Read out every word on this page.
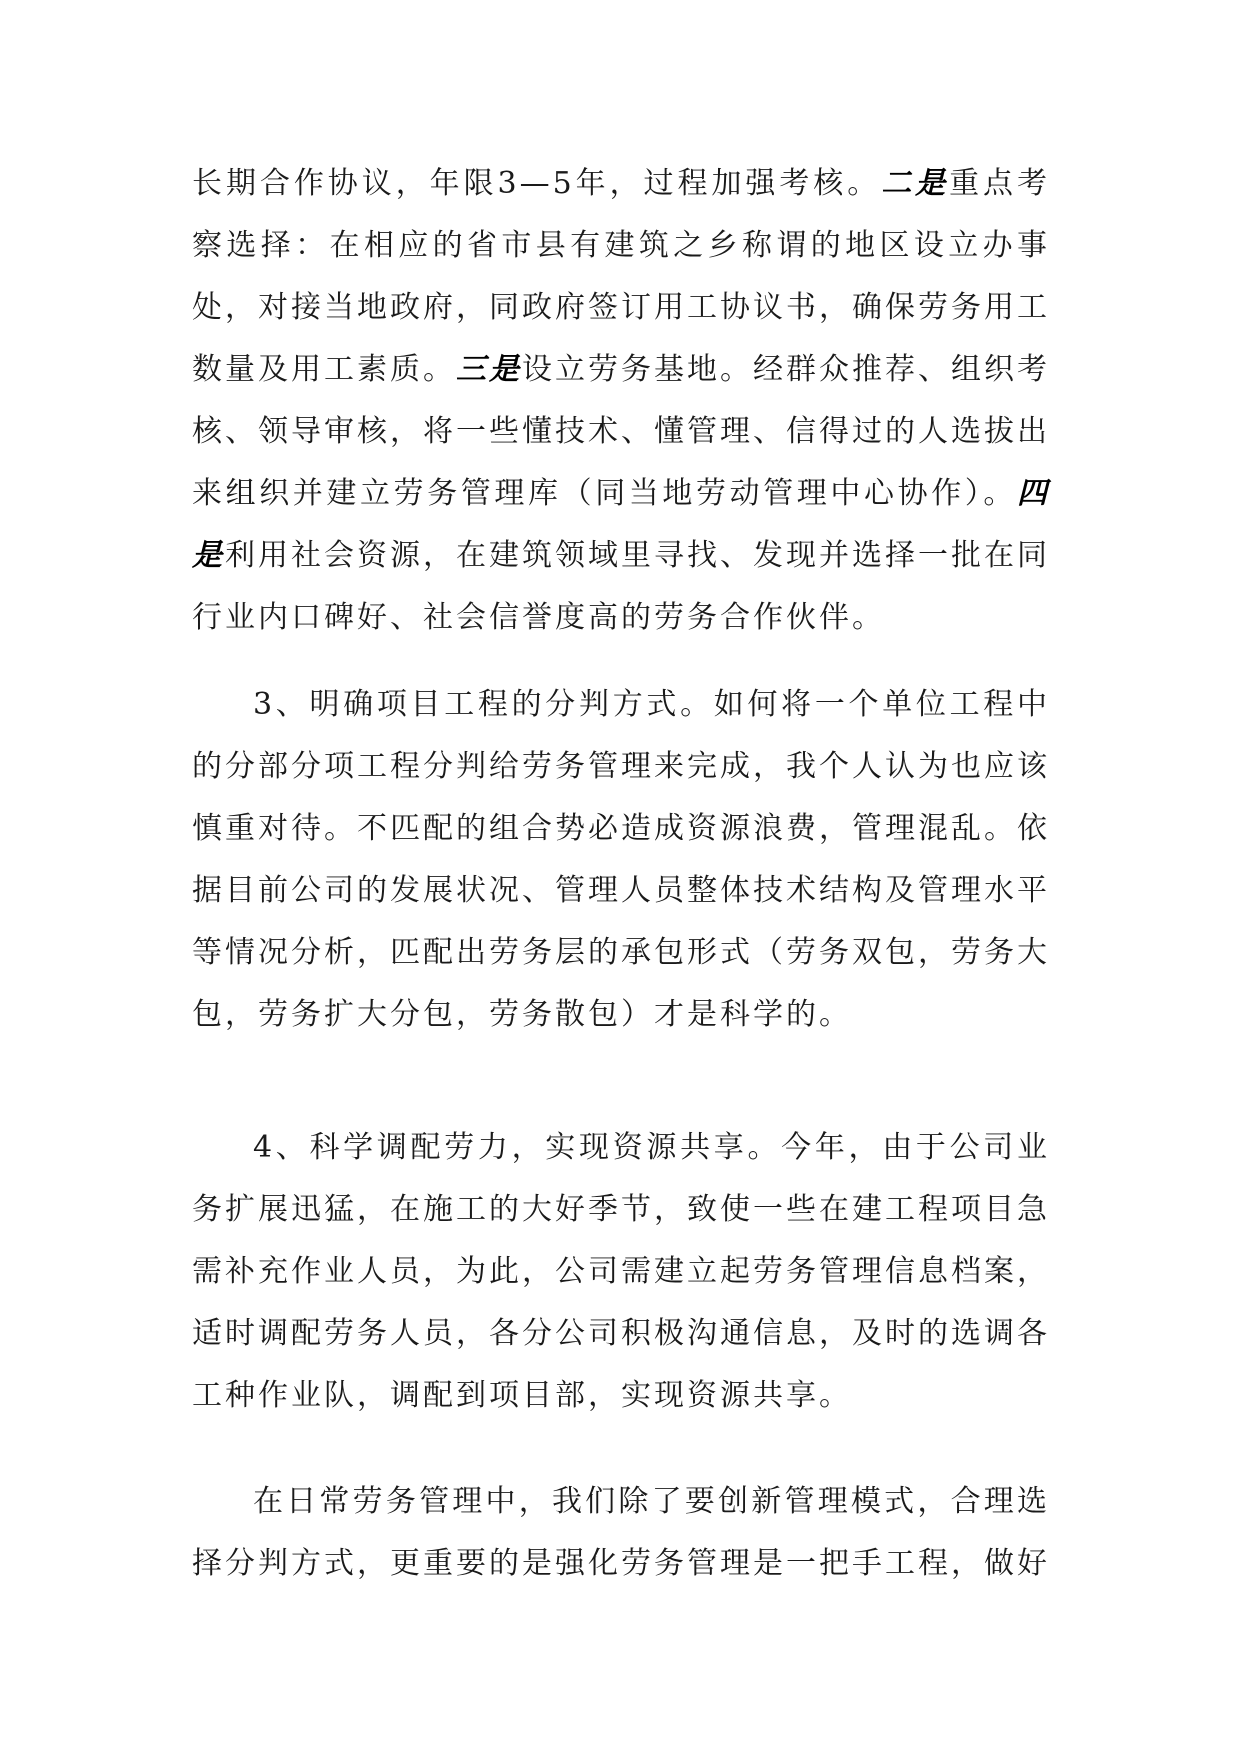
长期合作协议，年限3—5年，过程加强考核。二是重点考察选择：在相应的省市县有建筑之乡称谓的地区设立办事处，对接当地政府，同政府签订用工协议书，确保劳务用工数量及用工素质。三是设立劳务基地。经群众推荐、组织考核、领导审核，将一些懂技术、懂管理、信得过的人选拔出来组织并建立劳务管理库（同当地劳动管理中心协作）。四是利用社会资源，在建筑领域里寻找、发现并选择一批在同行业内口碑好、社会信誉度高的劳务合作伙伴。

3、明确项目工程的分判方式。如何将一个单位工程中的分部分项工程分判给劳务管理来完成，我个人认为也应该慎重对待。不匹配的组合势必造成资源浪费，管理混乱。依据目前公司的发展状况、管理人员整体技术结构及管理水平等情况分析，匹配出劳务层的承包形式（劳务双包，劳务大包，劳务扩大分包，劳务散包）才是科学的。

4、科学调配劳力，实现资源共享。今年，由于公司业务扩展迅猛，在施工的大好季节，致使一些在建工程项目急需补充作业人员，为此，公司需建立起劳务管理信息档案，适时调配劳务人员，各分公司积极沟通信息，及时的选调各工种作业队，调配到项目部，实现资源共享。

在日常劳务管理中，我们除了要创新管理模式，合理选择分判方式，更重要的是强化劳务管理是一把手工程，做好
